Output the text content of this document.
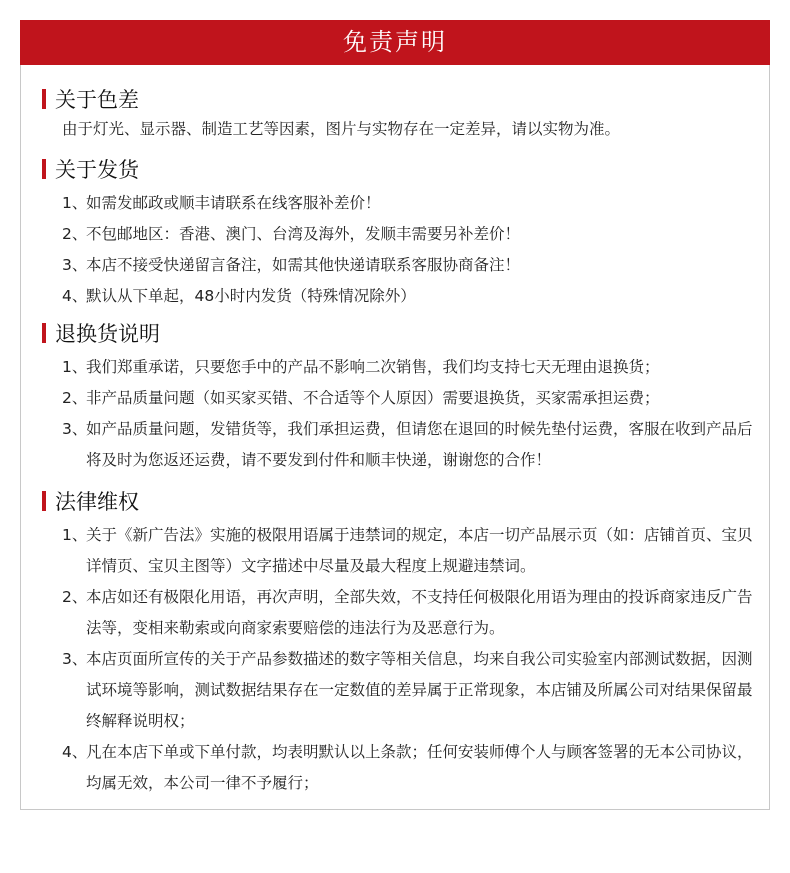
免责声明
关于色差
由于灯光、显示器、制造工艺等因素，图片与实物存在一定差异，请以实物为准。
关于发货
1、
如需发邮政或顺丰请联系在线客服补差价！
2、
不包邮地区：香港、澳门、台湾及海外，发顺丰需要另补差价！
3、
本店不接受快递留言备注，如需其他快递请联系客服协商备注！
4、
默认从下单起，48小时内发货（特殊情况除外）
退换货说明
1、
我们郑重承诺，只要您手中的产品不影响二次销售，我们均支持七天无理由退换货；
2、
非产品质量问题（如买家买错、不合适等个人原因）需要退换货，买家需承担运费；
3、
如产品质量问题，发错货等，我们承担运费，但请您在退回的时候先垫付运费，客服在收到产品后将及时为您返还运费，请不要发到付件和顺丰快递，谢谢您的合作！
法律维权
1、
关于《新广告法》实施的极限用语属于违禁词的规定，本店一切产品展示页（如：店铺首页、宝贝详情页、宝贝主图等）文字描述中尽量及最大程度上规避违禁词。
2、
本店如还有极限化用语，再次声明，全部失效，不支持任何极限化用语为理由的投诉商家违反广告法等，变相来勒索或向商家索要赔偿的违法行为及恶意行为。
3、
本店页面所宣传的关于产品参数描述的数字等相关信息，均来自我公司实验室内部测试数据，因测试环境等影响，测试数据结果存在一定数值的差异属于正常现象，本店铺及所属公司对结果保留最终解释说明权；
4、
凡在本店下单或下单付款，均表明默认以上条款；任何安装师傅个人与顾客签署的无本公司协议，均属无效，本公司一律不予履行；
